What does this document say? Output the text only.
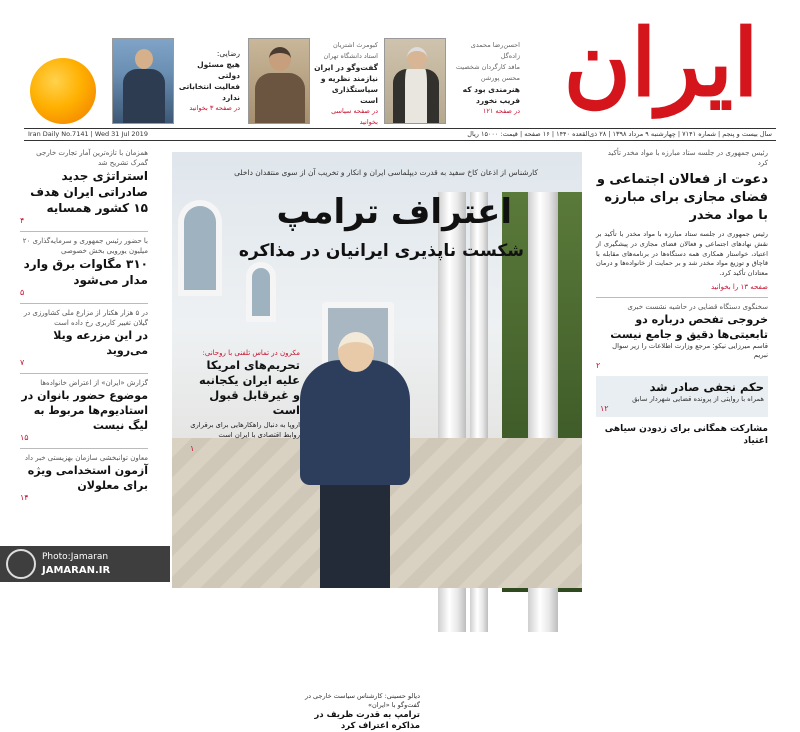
رضایی:
هیچ مسئول دولتی
فعالیت انتخاباتی
ندارد
در صفحه ۳ بخوانید
کبومرث اشتریان
استاد دانشگاه تهران
گفت‌وگو در ایران
نیازمند نظریه و
سیاستگذاری است
در صفحه سیاسی بخوانید
احسن‌رضا محمدی‌ زاده‌گل‌
مافد کارگردان شخصیت
محسن پورشن
هنر‌مندی بود که
فریب نخورد
در صفحه ۱۲۱ ایران
Iran Daily No.7141 | Wed 31 Jul 2019	سال بیست و پنجم | شماره ۷۱۴۱ | چهارشنبه ۹ مرداد ۱۳۹۸ | ۲۸ ذی‌القعده ۱۴۴۰ | ۱۶ صفحه | قیمت: ۱۵۰۰۰ ریال
همزمان با تازه‌ترین آمار تجارت خارجی گمرک تشریح شد
استراتژی جدید صادراتی ایران هدف ۱۵ کشور همسایه
۴
با حضور رئیس جمهوری و سرمایه‌گذاری ۲۰ میلیون یورویی بخش خصوصی
۳۱۰ مگاوات برق وارد مدار می‌شود
۵
در ۵ هزار هکتار از مزارع ملی کشاورزی در گیلان تغییر کاربری رخ داده است
در این مزرعه ویلا می‌روید
۷
گزارش «ایران» از اعتراض خانواده‌ها
موضوع حضور بانوان در استادیوم‌ها مربوط به لیگ نیست
۱۵
معاون توانبخشی سازمان بهزیستی خبر داد
آزمون استخدامی ویژه برای معلولان
۱۴
کارشناس از اذعان کاخ سفید به قدرت دیپلماسی ایران و انکار و تخریب آن از سوی منتقدان داخلی
اعتراف ترامپ
شکست ناپذیری ایرانیان در مذاکره
مکرون در تماس تلفنی با روحانی:
تحریم‌های امریکا علیه ایران یکجانبه و غیرقابل قبول است
اروپا به دنبال راهکارهایی برای برقراری روابط اقتصادی با ایران است
۱
دیالو حسینی: کارشناس سیاست خارجی در گفت‌وگو با «ایران»
ترامپ به قدرت ظریف در مذاکره اعتراف کرد
رئیس جمهوری در جلسه ستاد مبارزه با مواد مخدر تأکید کرد
دعوت از فعالان اجتماعی و فضای مجازی برای مبارزه با مواد مخدر
رئیس جمهوری در جلسه ستاد مبارزه با مواد مخدر با تأکید بر نقش نهادهای اجتماعی و فعالان فضای مجازی در پیشگیری از اعتیاد، خواستار همکاری همه دستگاه‌ها در برنامه‌های مقابله با قاچاق و توزیع مواد مخدر شد و بر حمایت از خانواده‌ها و درمان معتادان تأکید کرد.
صفحه ۱۳ را بخوانید
سخنگوی دستگاه قضایی در حاشیه نشست خبری
خروجی تفحص درباره دو تابعیتی‌ها دقیق و جامع نیست
قاسم میرزایی نیکو: مرجع وزارت اطلاعات را زیر سوال نبریم
۲
حکم نجفی صادر شد
همراه با روایتی از پرونده قضایی شهردار سابق
۱۲
مشارکت همگانی برای زدودن سیاهی اعتیاد
Photo:Jamaran
JAMARAN.IR
